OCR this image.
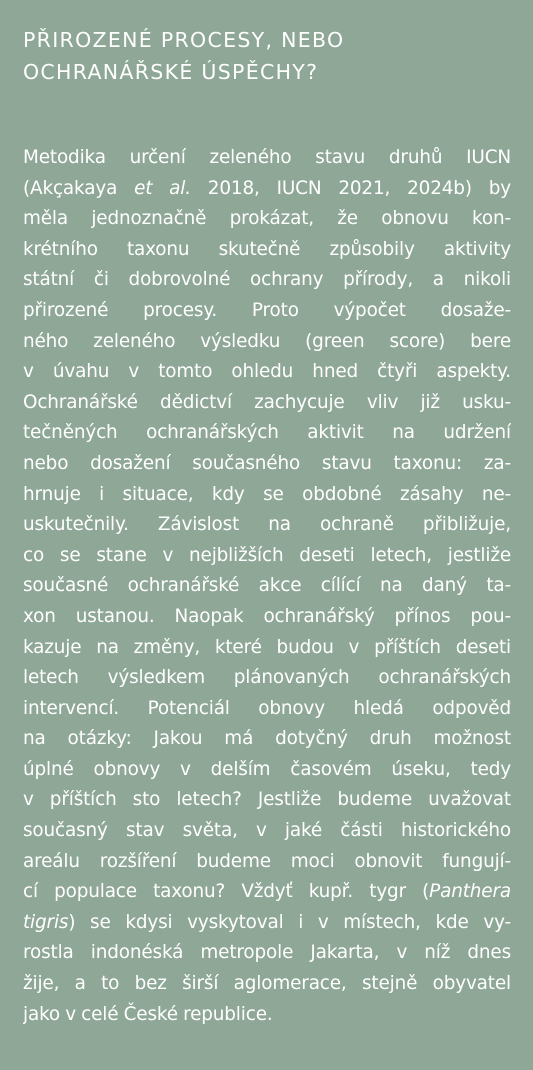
PŘIROZENÉ PROCESY, NEBO
OCHRANÁŘSKÉ ÚSPĚCHY?
Metodika určení zeleného stavu druhů IUCN
(Akçakaya et al. 2018, IUCN 2021, 2024b) by
měla jednoznačně prokázat, že obnovu kon-
krétního taxonu skutečně způsobily aktivity
státní či dobrovolné ochrany přírody, a nikoli
přirozené procesy. Proto výpočet dosaže-
ného zeleného výsledku (green score) bere
v úvahu v tomto ohledu hned čtyři aspekty.
Ochranářské dědictví zachycuje vliv již usku-
tečněných ochranářských aktivit na udržení
nebo dosažení současného stavu taxonu: za-
hrnuje i situace, kdy se obdobné zásahy ne-
uskutečnily. Závislost na ochraně přibližuje,
co se stane v nejbližších deseti letech, jestliže
současné ochranářské akce cílící na daný ta-
xon ustanou. Naopak ochranářský přínos pou-
kazuje na změny, které budou v příštích deseti
letech výsledkem plánovaných ochranářských
intervencí. Potenciál obnovy hledá odpověď
na otázky: Jakou má dotyčný druh možnost
úplné obnovy v delším časovém úseku, tedy
v příštích sto letech? Jestliže budeme uvažovat
současný stav světa, v jaké části historického
areálu rozšíření budeme moci obnovit fungují-
cí populace taxonu? Vždyť kupř. tygr (Panthera
tigris) se kdysi vyskytoval i v místech, kde vy-
rostla indonéská metropole Jakarta, v níž dnes
žije, a to bez širší aglomerace, stejně obyvatel
jako v celé České republice.
